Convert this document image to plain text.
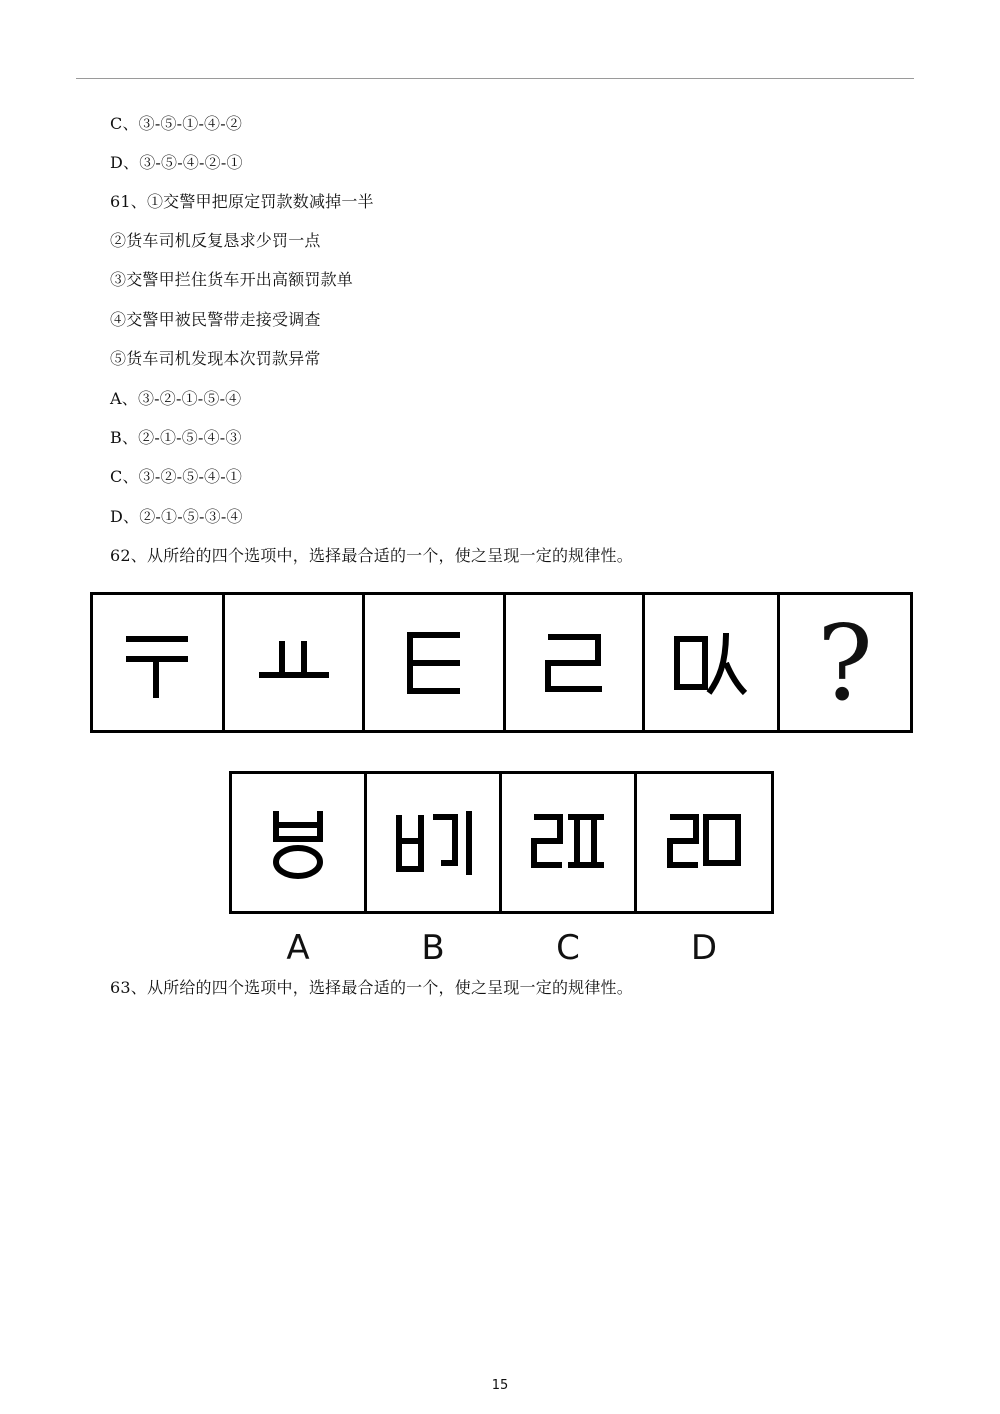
C、③-⑤-①-④-②
D、③-⑤-④-②-①
61、①交警甲把原定罚款数减掉一半
②货车司机反复恳求少罚一点
③交警甲拦住货车开出高额罚款单
④交警甲被民警带走接受调查
⑤货车司机发现本次罚款异常
A、③-②-①-⑤-④
B、②-①-⑤-④-③
C、③-②-⑤-④-①
D、②-①-⑤-③-④
62、从所给的四个选项中，选择最合适的一个，使之呈现一定的规律性。
?
A	B	C	D
63、从所给的四个选项中，选择最合适的一个，使之呈现一定的规律性。
15
